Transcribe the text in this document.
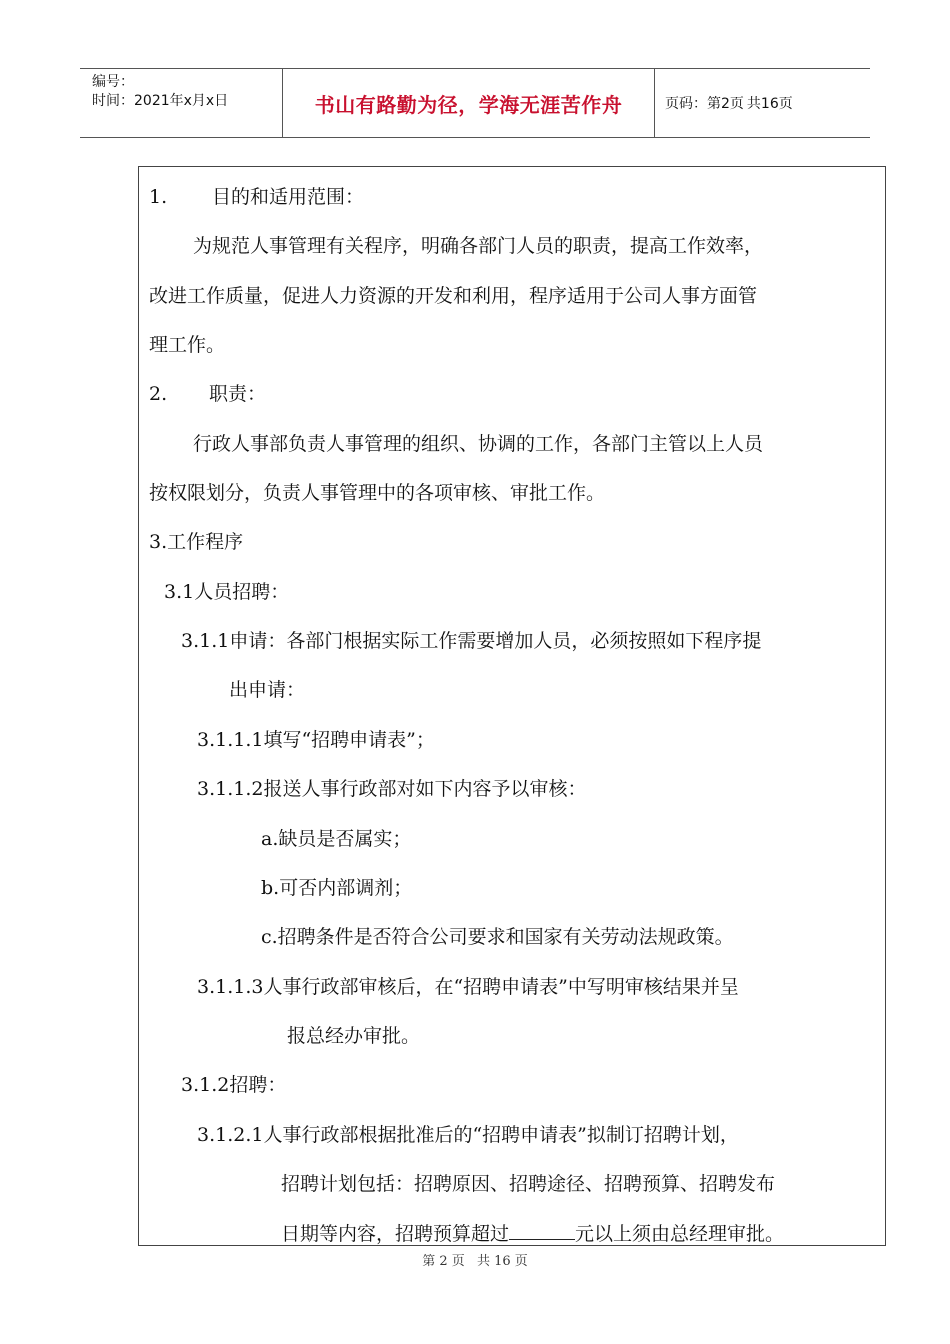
编号：
时间：2021年x月x日	书山有路勤为径，学海无涯苦作舟	页码：第2页 共16页
1. 目的和适用范围：
为规范人事管理有关程序，明确各部门人员的职责，提高工作效率，
改进工作质量，促进人力资源的开发和利用，程序适用于公司人事方面管
理工作。
2. 职责：
行政人事部负责人事管理的组织、协调的工作，各部门主管以上人员
按权限划分，负责人事管理中的各项审核、审批工作。
3.工作程序
3.1人员招聘：
3.1.1申请：各部门根据实际工作需要增加人员，必须按照如下程序提
出申请：
3.1.1.1填写“招聘申请表”；
3.1.1.2报送人事行政部对如下内容予以审核：
a.缺员是否属实；
b.可否内部调剂；
c.招聘条件是否符合公司要求和国家有关劳动法规政策。
3.1.1.3人事行政部审核后，在“招聘申请表”中写明审核结果并呈
报总经办审批。
3.1.2招聘：
3.1.2.1人事行政部根据批准后的“招聘申请表”拟制订招聘计划，
招聘计划包括：招聘原因、招聘途径、招聘预算、招聘发布
日期等内容，招聘预算超过	元以上须由总经理审批。
第 2 页 共 16 页
